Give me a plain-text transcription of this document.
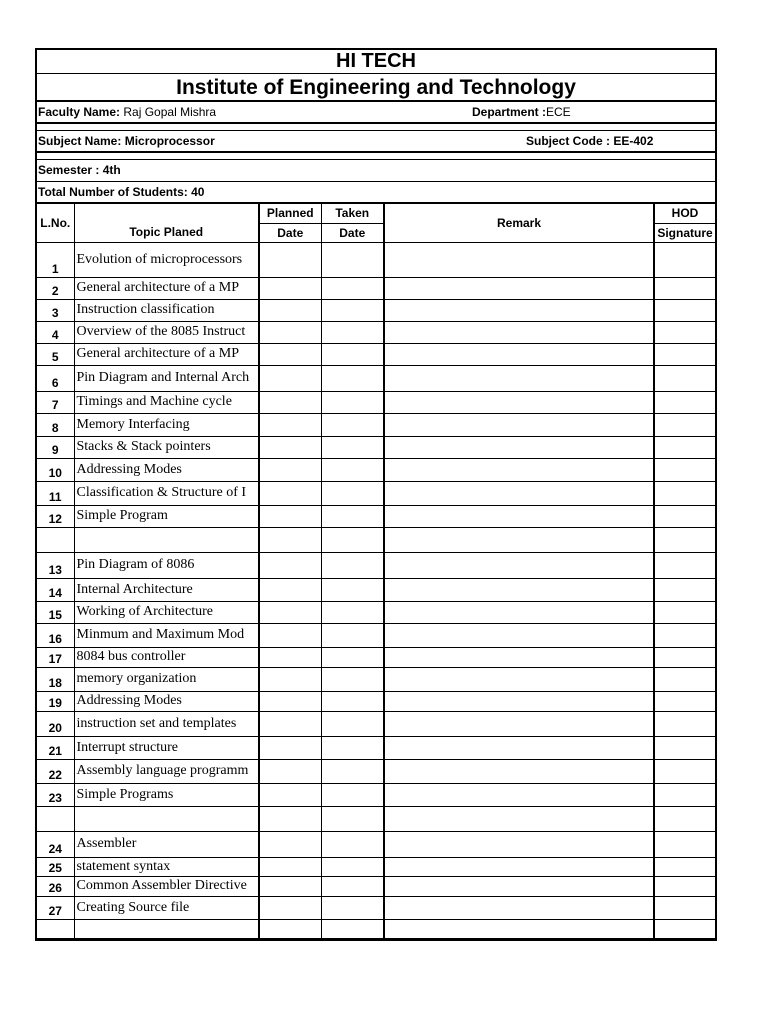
HI TECH
Institute of Engineering and Technology
Faculty Name: Raj Gopal Mishra	Department :ECE
Subject Name: Microprocessor	Subject Code : EE-402
Semester : 4th
Total Number of Students: 40
L.No.	Topic Planed	Planned	Taken	Remark	HOD
		Date	Date		Signature
1	Evolution of microprocessors				
2	General architecture of a MP				
3	Instruction classification				
4	Overview of the 8085 Instruct				
5	General architecture of a MP				
6	Pin Diagram and Internal Arch				
7	Timings and Machine cycle				
8	Memory Interfacing				
9	Stacks & Stack pointers				
10	Addressing Modes				
11	Classification & Structure of I				
12	Simple Program				

13	Pin Diagram of 8086				
14	Internal Architecture				
15	Working of Architecture				
16	Minmum and Maximum Mod				
17	8084 bus controller				
18	memory organization				
19	Addressing Modes				
20	instruction set and templates				
21	Interrupt structure				
22	Assembly language programm				
23	Simple Programs				

24	Assembler				
25	statement syntax				
26	Common Assembler Directive				
27	Creating Source file				
